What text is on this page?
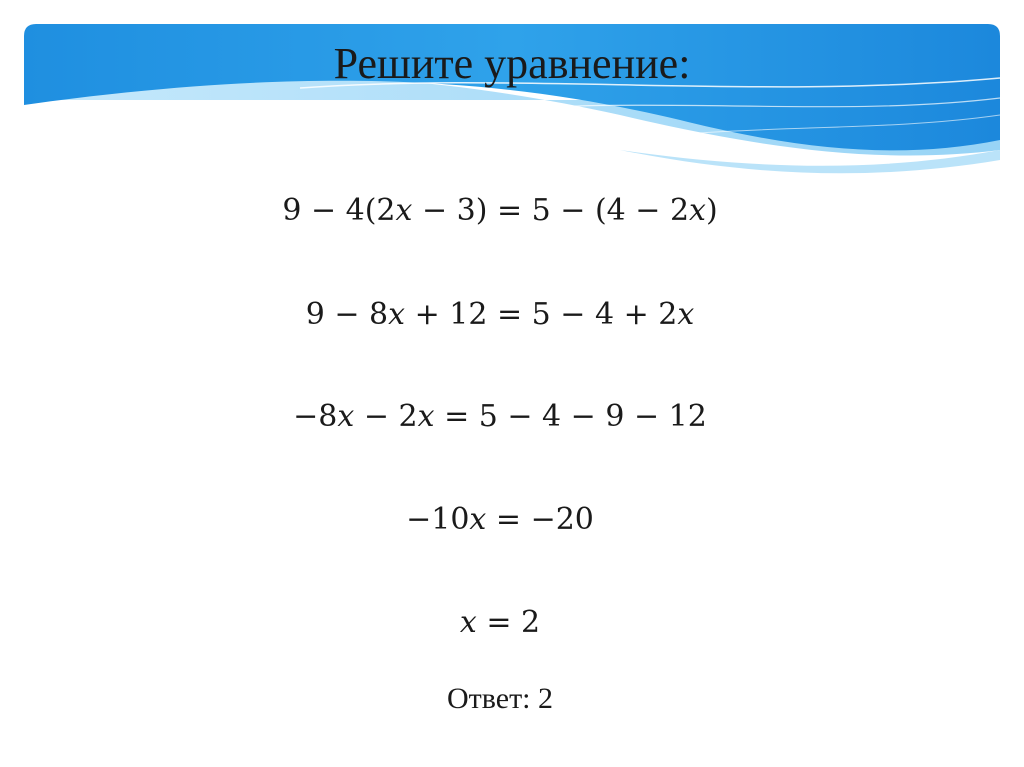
Решите уравнение:
9 − 4(2𝑥 − 3) = 5 − (4 − 2𝑥)
9 − 8𝑥 + 12 = 5 − 4 + 2𝑥
−8𝑥 − 2𝑥 = 5 − 4 − 9 − 12
−10𝑥 = −20
𝑥 = 2
Ответ: 2
